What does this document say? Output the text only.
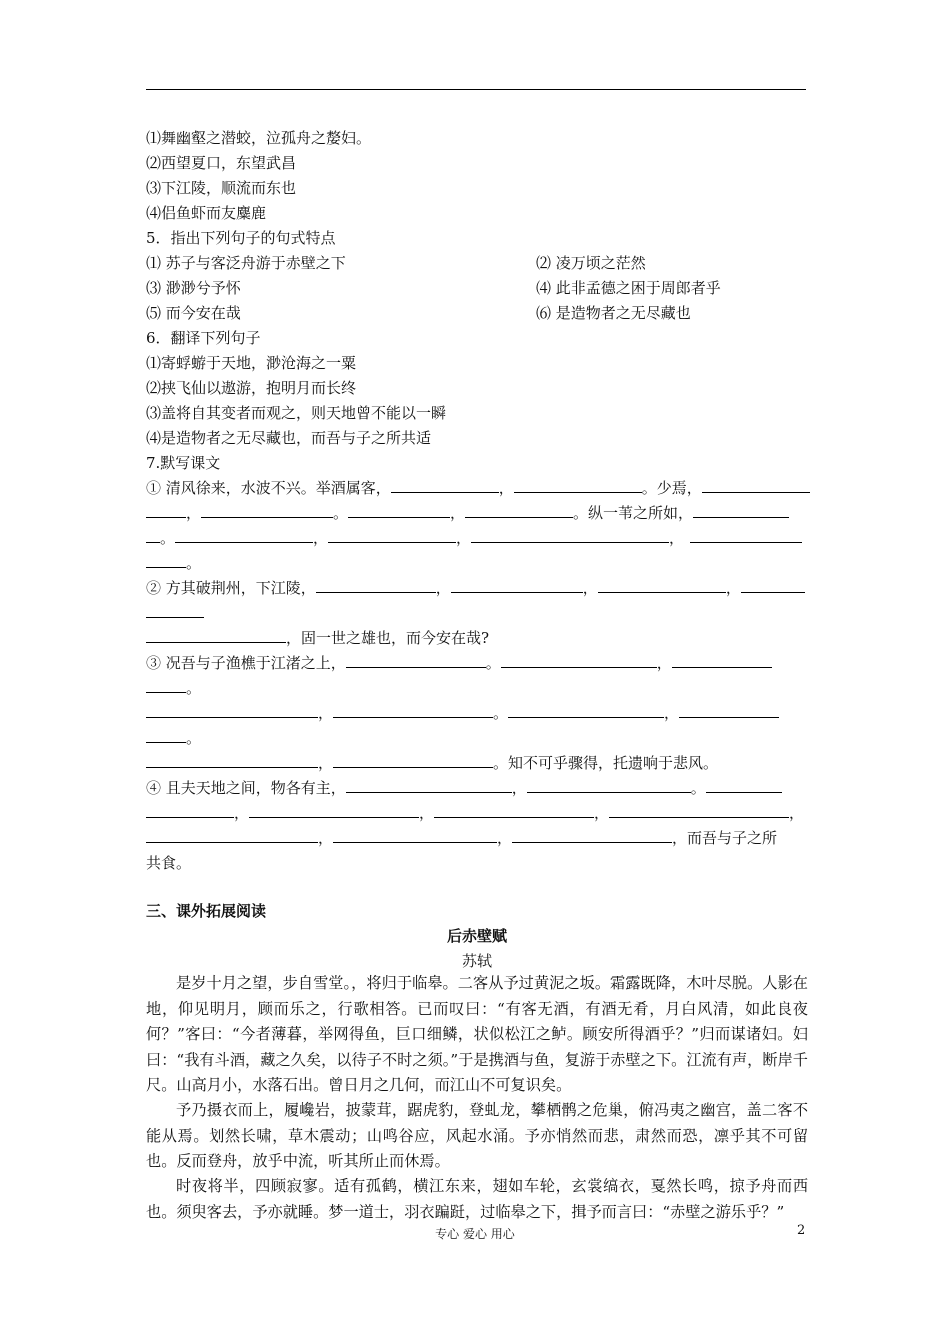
⑴舞幽壑之潜蛟，泣孤舟之嫠妇。
⑵西望夏口，东望武昌
⑶下江陵，顺流而东也
⑷侣鱼虾而友麋鹿
5．指出下列句子的句式特点
⑴ 苏子与客泛舟游于赤壁之下	⑵ 凌万顷之茫然
⑶ 渺渺兮予怀	⑷ 此非孟德之困于周郎者乎
⑸ 而今安在哉	⑹ 是造物者之无尽藏也
6．翻译下列句子
⑴寄蜉蝣于天地，渺沧海之一粟
⑵挟飞仙以遨游，抱明月而长终
⑶盖将自其变者而观之，则天地曾不能以一瞬
⑷是造物者之无尽藏也，而吾与子之所共适
7.默写课文
① 清风徐来，水波不兴。举酒属客，	，	。少焉，
，	。	，	。纵一苇之所如，
。	，	，	，
。
② 方其破荆州，下江陵，	，	，	，
，固一世之雄也，而今安在哉?
③ 况吾与子渔樵于江渚之上，	。	，
。
，	。	，
。
，	。知不可乎骤得，托遗响于悲风。
④ 且夫天地之间，物各有主，	，	。
，	，	，	，
，	，	，而吾与子之所
共食。
三、课外拓展阅读
后赤壁赋
苏轼
是岁十月之望，步自雪堂。，将归于临皋。二客从予过黄泥之坂。霜露既降，木叶尽脱。人影在地，仰见明月，顾而乐之，行歌相答。已而叹曰：“有客无酒，有酒无肴，月白风清，如此良夜何？”客曰：“今者薄暮，举网得鱼，巨口细鳞，状似松江之鲈。顾安所得酒乎？”归而谋诸妇。妇曰：“我有斗酒，藏之久矣，以待子不时之须。”于是携酒与鱼，复游于赤壁之下。江流有声，断岸千尺。山高月小，水落石出。曾日月之几何，而江山不可复识矣。
予乃摄衣而上，履巉岩，披蒙茸，踞虎豹，登虬龙，攀栖鹘之危巢，俯冯夷之幽宫，盖二客不能从焉。划然长啸，草木震动；山鸣谷应，风起水涌。予亦悄然而悲，肃然而恐，凛乎其不可留也。反而登舟，放乎中流，听其所止而休焉。
时夜将半，四顾寂寥。适有孤鹤，横江东来，翅如车轮，玄裳缟衣，戛然长鸣，掠予舟而西也。须臾客去，予亦就睡。梦一道士，羽衣蹁跹，过临皋之下，揖予而言曰：“赤壁之游乐乎？”
专心 爱心 用心	2
